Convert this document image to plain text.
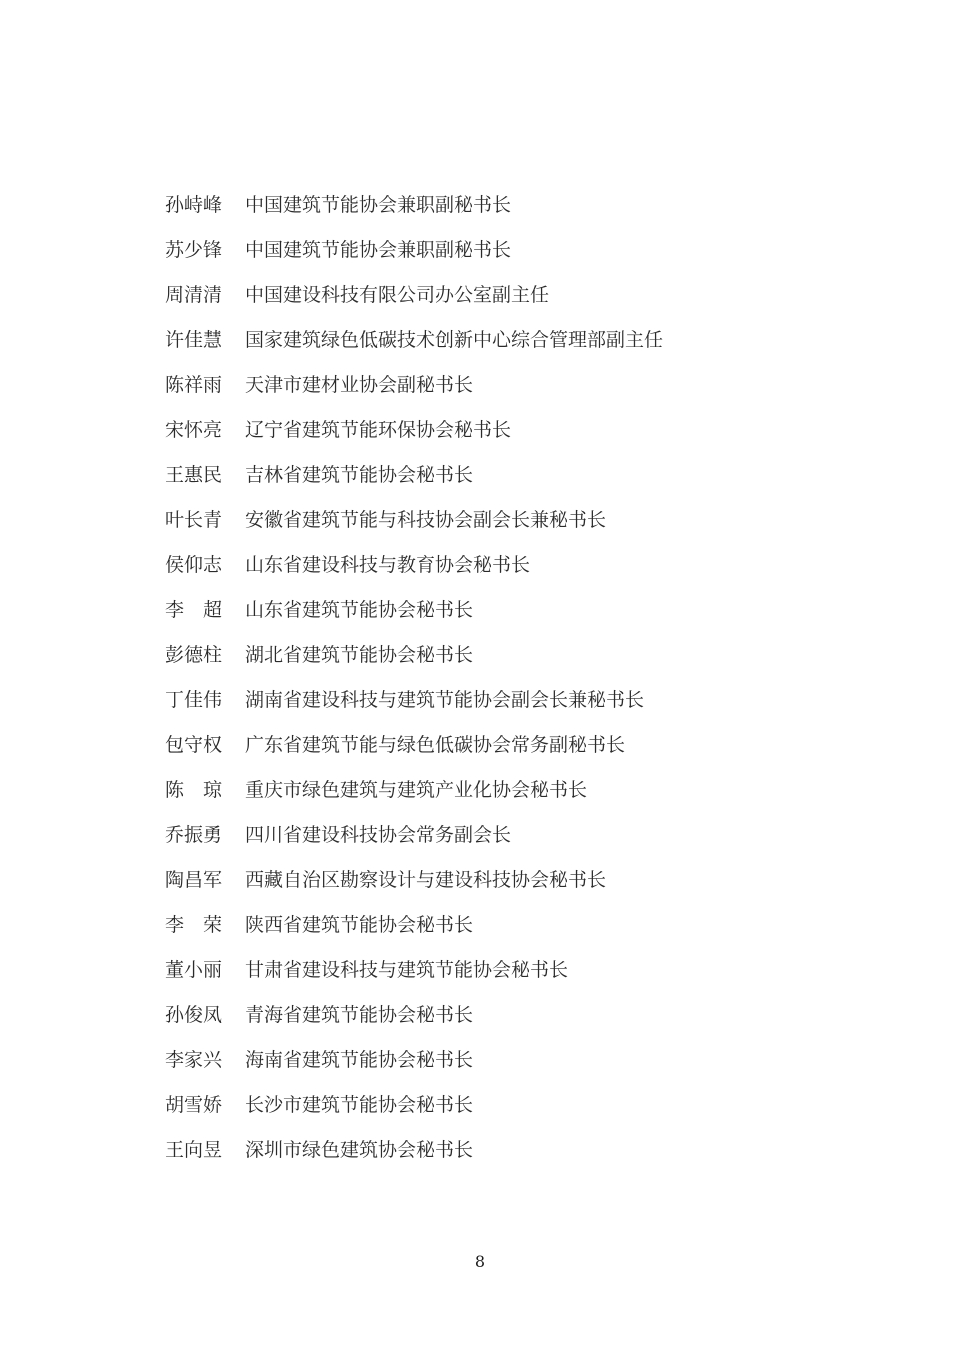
孙峙峰	中国建筑节能协会兼职副秘书长
苏少锋	中国建筑节能协会兼职副秘书长
周清清	中国建设科技有限公司办公室副主任
许佳慧	国家建筑绿色低碳技术创新中心综合管理部副主任
陈祥雨	天津市建材业协会副秘书长
宋怀亮	辽宁省建筑节能环保协会秘书长
王惠民	吉林省建筑节能协会秘书长
叶长青	安徽省建筑节能与科技协会副会长兼秘书长
侯仰志	山东省建设科技与教育协会秘书长
李　超	山东省建筑节能协会秘书长
彭德柱	湖北省建筑节能协会秘书长
丁佳伟	湖南省建设科技与建筑节能协会副会长兼秘书长
包守权	广东省建筑节能与绿色低碳协会常务副秘书长
陈　琼	重庆市绿色建筑与建筑产业化协会秘书长
乔振勇	四川省建设科技协会常务副会长
陶昌军	西藏自治区勘察设计与建设科技协会秘书长
李　荣	陕西省建筑节能协会秘书长
董小丽	甘肃省建设科技与建筑节能协会秘书长
孙俊凤	青海省建筑节能协会秘书长
李家兴	海南省建筑节能协会秘书长
胡雪娇	长沙市建筑节能协会秘书长
王向昱	深圳市绿色建筑协会秘书长
8
